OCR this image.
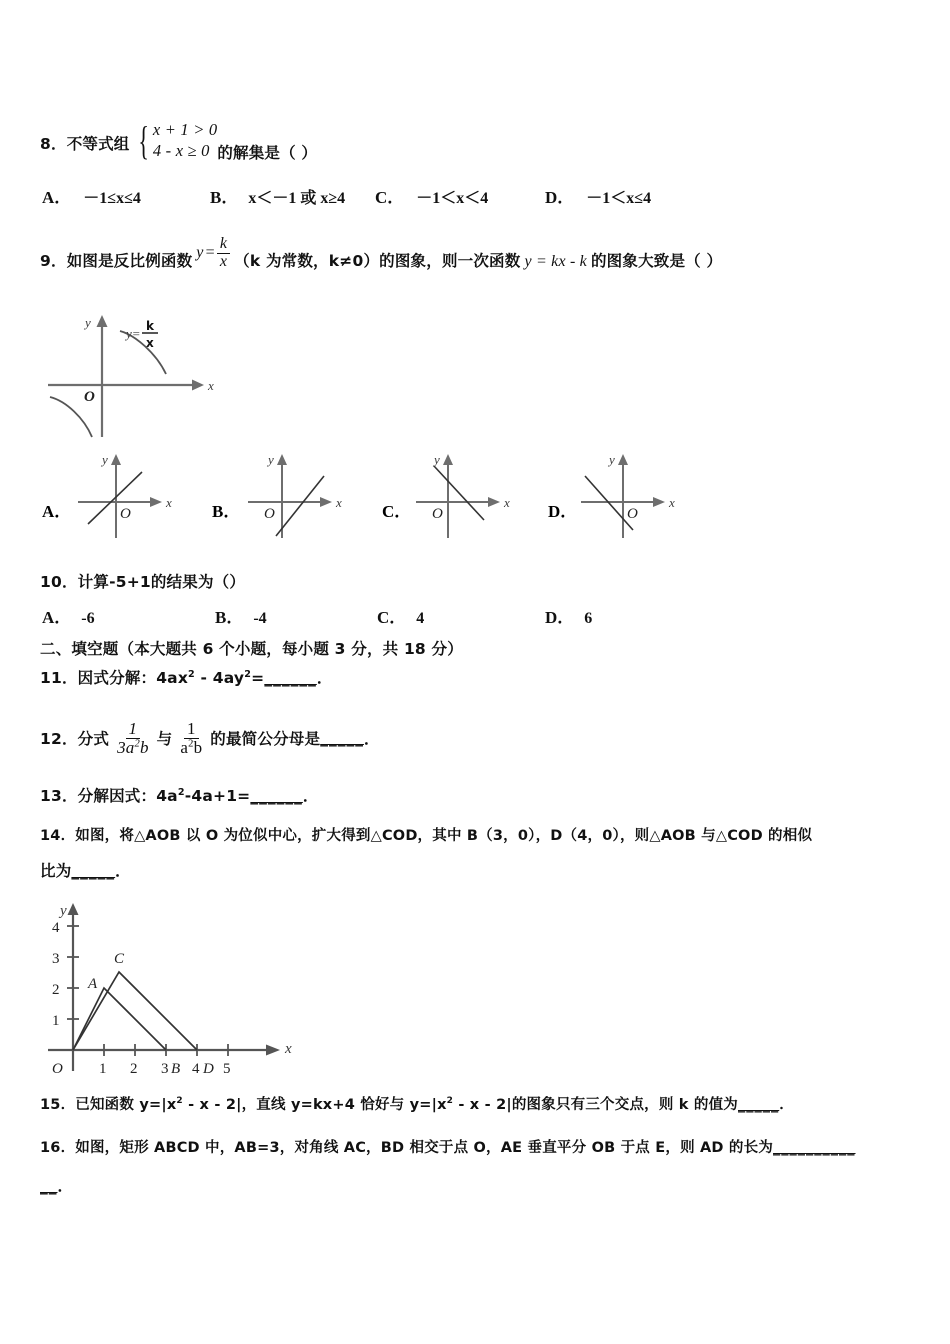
8． 不等式组 { x + 1 > 0
4 - x ≥ 0 的解集是（ ）
A． －1≤x≤4	B． x＜－1 或 x≥4 C． －1＜x＜4	D． －1＜x≤4
9． 如图是反比例函数 $y = \frac{k}{x} (k$ 为常数，k≠0）的图象，则一次函数 y = kx - k 的图象大致是（ ）
x
y
O
y= k
x
A．	x
y
O	B．	x
y
O	C．	x
y
O	D．	x
y
O
10．计算-5+1的结果为（）
A． -6	B． -4	C． 4	D． 6
二、填空题（本大题共 6 个小题，每小题 3 分，共 18 分）
11．因式分解：$4ax^2$ - $4ay^2=\_\_\_\_\_\_$．
12． 分式 $\frac{1}{3a^2b}$ 与 $\frac{1}{a^2b}$ 的最简公分母是 _____ ．
13．分解因式：$4a^2-4a+1=\_\_\_\_\_\_$．
14．如图，将△AOB 以 O 为位似中心，扩大得到△COD，其中 B（3，0），D（4，0），则△AOB 与△COD 的相似
比为_____．
x
y
1
2
3
4
1 2 3 4 5
O
A
C
B D
15．已知函数 $y=|x^2 - x - 2|$，直线 y=kx+4 恰好与 $y=|x^2 - x - 2|$的图象只有三个交点，则 k 的值为_____．
16．如图，矩形 ABCD 中，AB=3，对角线 AC，BD 相交于点 O，AE 垂直平分 OB 于点 E，则 AD 的长为__________
__．
